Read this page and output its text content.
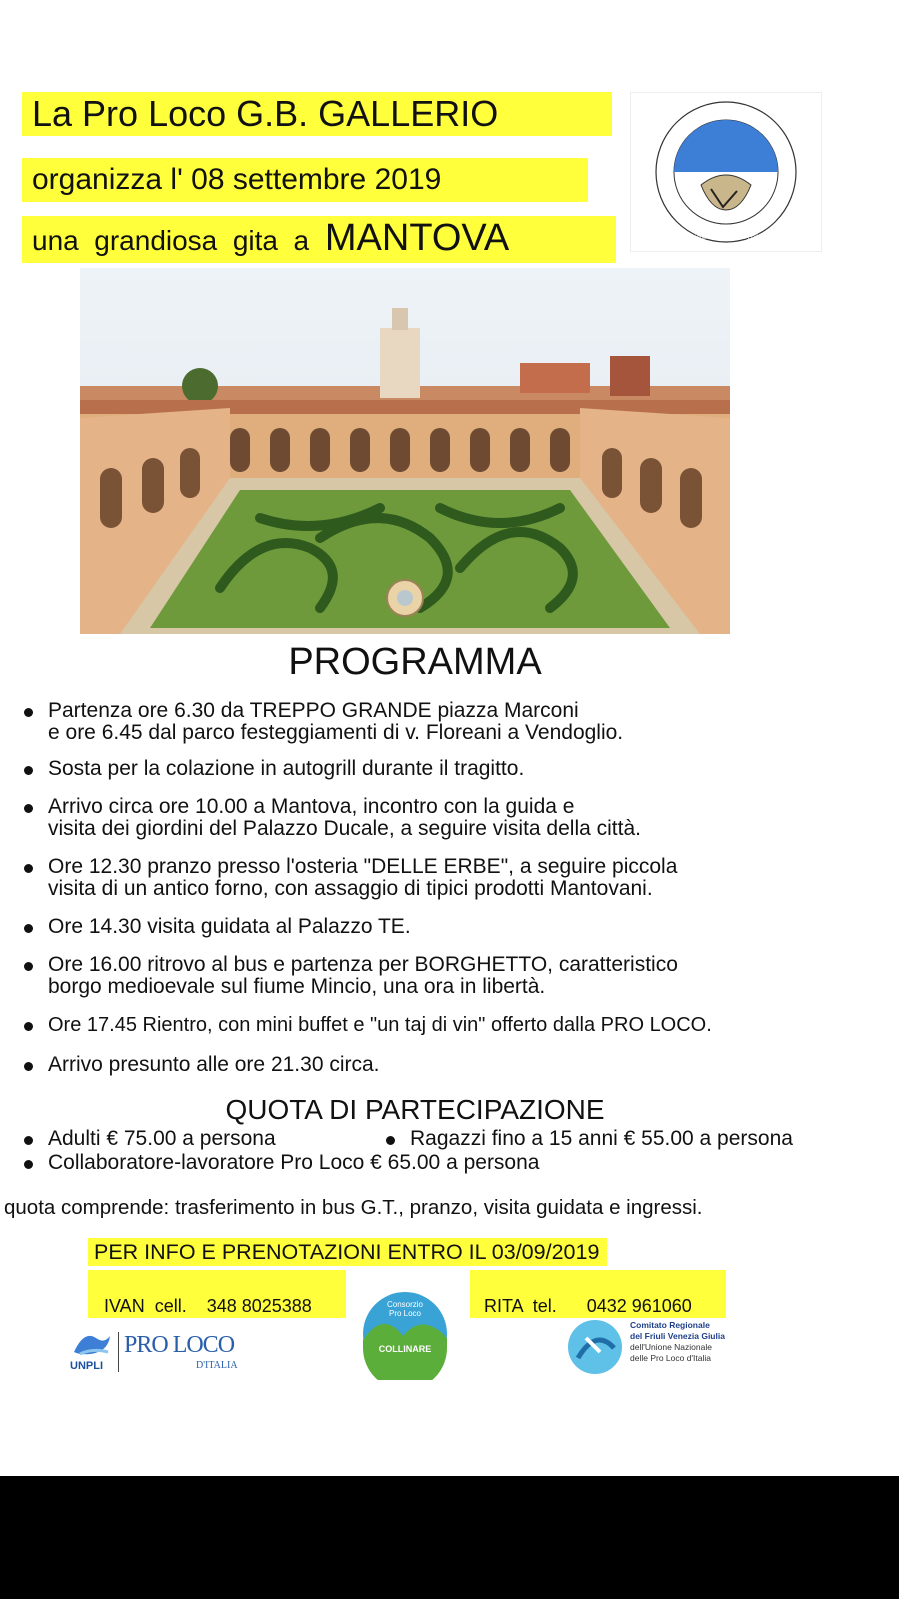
La Pro Loco G.B. GALLERIO
organizza l' 08 settembre 2019
una  grandiosa  gita  a MANTOVA	Associazione Pro Loco G.B. Gallerio - Vendoglio
PROGRAMMA
Partenza ore 6.30 da TREPPO GRANDE piazza Marconi
e ore 6.45 dal parco festeggiamenti di v. Floreani a Vendoglio.
Sosta per la colazione in autogrill durante il tragitto.
Arrivo circa ore 10.00 a Mantova, incontro con la guida e
visita dei giordini del Palazzo Ducale, a seguire visita della città.
Ore 12.30 pranzo presso l'osteria "DELLE ERBE", a seguire piccola
visita di un antico forno, con assaggio di tipici prodotti Mantovani.
Ore 14.30 visita guidata al Palazzo TE.
Ore 16.00 ritrovo al bus e partenza per BORGHETTO, caratteristico
borgo medioevale sul fiume Mincio, una ora in libertà.
Ore 17.45 Rientro, con mini buffet e "un taj di vin" offerto dalla PRO LOCO.
Arrivo presunto alle ore 21.30 circa.
QUOTA DI PARTECIPAZIONE
Adulti € 75.00 a persona	Ragazzi fino a 15 anni € 55.00 a persona
Collaboratore-lavoratore Pro Loco € 65.00 a persona
quota comprende: trasferimento in bus G.T., pranzo, visita guidata e ingressi.
PER INFO E PRENOTAZIONI ENTRO IL 03/09/2019

IVAN  cell.    348 8025388	RITA  tel.      0432 961060

UNPLI
PRO LOCO
D'ITALIA
Consorzio
Pro Loco
COLLINARE
Comitato Regionale
del Friuli Venezia Giulia
dell'Unione Nazionale
delle Pro Loco d'Italia
